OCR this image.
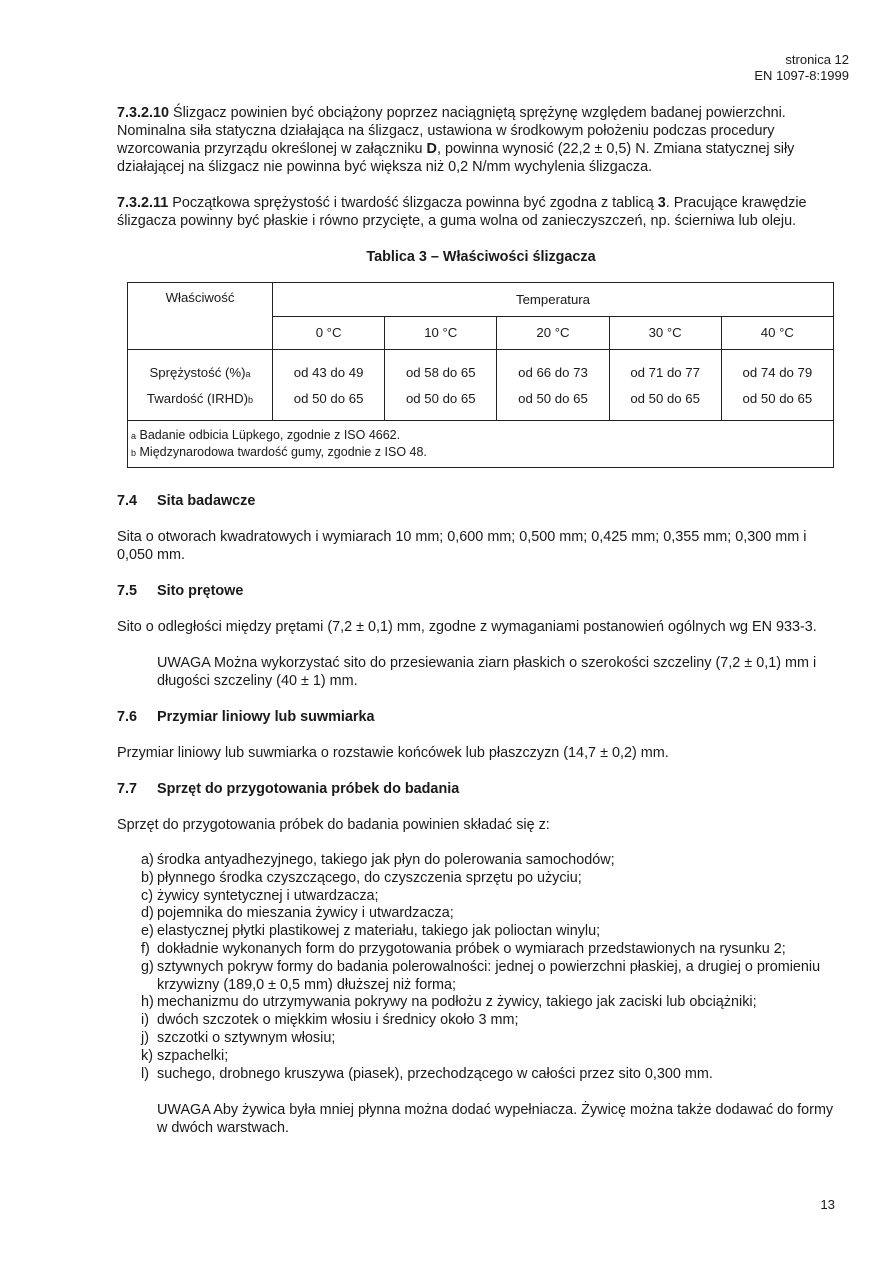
stronica 12
EN 1097-8:1999

7.3.2.10 Ślizgacz powinien być obciążony poprzez naciągniętą sprężynę względem badanej powierzchni. Nominalna siła statyczna działająca na ślizgacz, ustawiona w środkowym położeniu podczas procedury wzorcowania przyrządu określonej w załączniku D, powinna wynosić (22,2 ± 0,5) N. Zmiana statycznej siły działającej na ślizgacz nie powinna być większa niż 0,2 N/mm wychylenia ślizgacza.

7.3.2.11 Początkowa sprężystość i twardość ślizgacza powinna być zgodna z tablicą 3. Pracujące krawędzie ślizgacza powinny być płaskie i równo przycięte, a guma wolna od zanieczyszczeń, np. ścierniwa lub oleju.

Tablica 3 – Właściwości ślizgacza
Właściwość	Temperatura				
	0 °C	10 °C	20 °C	30 °C	40 °C
Sprężystość (%)a	od 43 do 49	od 58 do 65	od 66 do 73	od 71 do 77	od 74 do 79
Twardość (IRHD)b	od 50 do 65	od 50 do 65	od 50 do 65	od 50 do 65	od 50 do 65

a Badanie odbicia Lüpkego, zgodnie z ISO 4662.
b Międzynarodowa twardość gumy, zgodnie z ISO 48.					
7.4 Sita badawcze

Sita o otworach kwadratowych i wymiarach 10 mm; 0,600 mm; 0,500 mm; 0,425 mm; 0,355 mm; 0,300 mm i 0,050 mm.

7.5 Sito prętowe

Sito o odległości między prętami (7,2 ± 0,1) mm, zgodne z wymaganiami postanowień ogólnych wg EN 933-3.

UWAGA Można wykorzystać sito do przesiewania ziarn płaskich o szerokości szczeliny (7,2 ± 0,1) mm i długości szczeliny (40 ± 1) mm.

7.6 Przymiar liniowy lub suwmiarka

Przymiar liniowy lub suwmiarka o rozstawie końcówek lub płaszczyzn (14,7 ± 0,2) mm.

7.7 Sprzęt do przygotowania próbek do badania

Sprzęt do przygotowania próbek do badania powinien składać się z:

a) środka antyadhezyjnego, takiego jak płyn do polerowania samochodów;
b) płynnego środka czyszczącego, do czyszczenia sprzętu po użyciu;
c) żywicy syntetycznej i utwardzacza;
d) pojemnika do mieszania żywicy i utwardzacza;
e) elastycznej płytki plastikowej z materiału, takiego jak polioctan winylu;
f) dokładnie wykonanych form do przygotowania próbek o wymiarach przedstawionych na rysunku 2;
g) sztywnych pokryw formy do badania polerowalności: jednej o powierzchni płaskiej, a drugiej o promieniu krzywizny (189,0 ± 0,5 mm) dłuższej niż forma;
h) mechanizmu do utrzymywania pokrywy na podłożu z żywicy, takiego jak zaciski lub obciążniki;
i) dwóch szczotek o miękkim włosiu i średnicy około 3 mm;
j) szczotki o sztywnym włosiu;
k) szpachelki;
l) suchego, drobnego kruszywa (piasek), przechodzącego w całości przez sito 0,300 mm.

UWAGA Aby żywica była mniej płynna można dodać wypełniacza. Żywicę można także dodawać do formy w dwóch warstwach.

13
